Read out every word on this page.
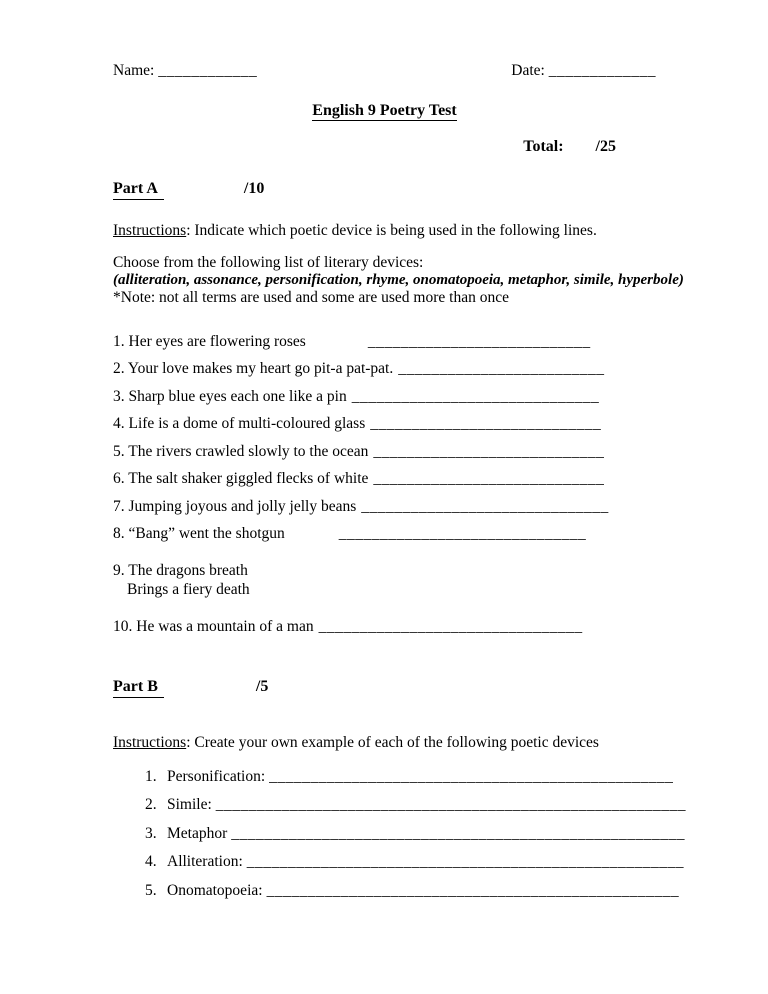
Name: ____________	Date: _____________
English 9 Poetry Test
Total: /25
Part A	/10
Instructions: Indicate which poetic device is being used in the following lines.
Choose from the following list of literary devices:
(alliteration, assonance, personification, rhyme, onomatopoeia, metaphor, simile, hyperbole)
*Note: not all terms are used and some are used more than once
1. Her eyes are flowering roses	___________________________
2. Your love makes my heart go pit-a pat-pat. _________________________
3. Sharp blue eyes each one like a pin ______________________________
4. Life is a dome of multi-coloured glass ____________________________
5. The rivers crawled slowly to the ocean ____________________________
6. The salt shaker giggled flecks of white ____________________________
7. Jumping joyous and jolly jelly beans ______________________________
8. “Bang” went the shotgun	______________________________
9. The dragons breath
Brings a fiery death
10. He was a mountain of a man ________________________________
Part B	/5
Instructions: Create your own example of each of the following poetic devices
1. Personification: _________________________________________________
2. Simile: _________________________________________________________
3. Metaphor _______________________________________________________
4. Alliteration: _____________________________________________________
5. Onomatopoeia: __________________________________________________
